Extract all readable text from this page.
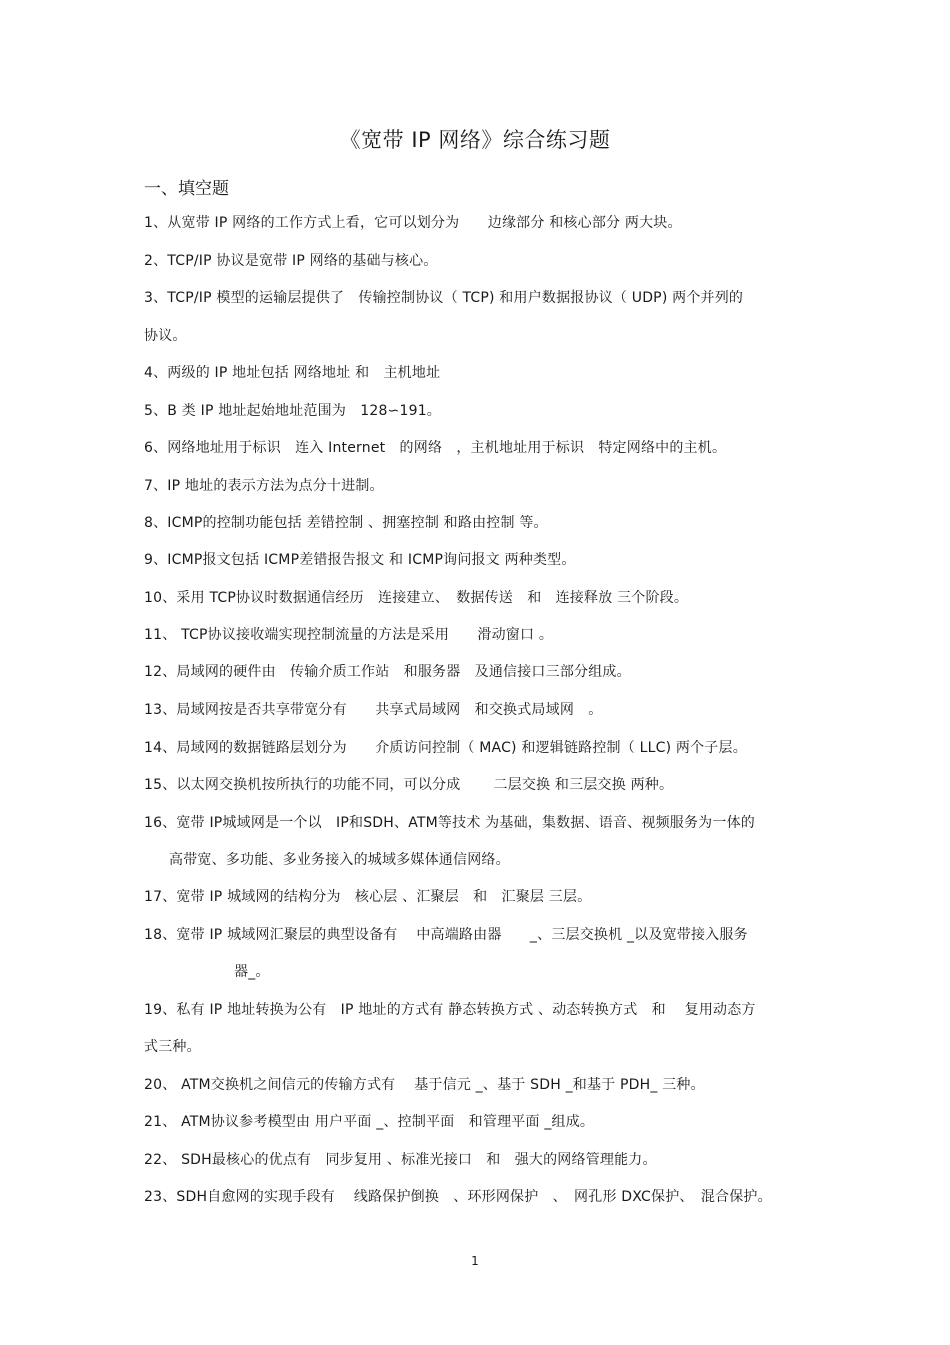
《宽带 IP 网络》综合练习题
一、填空题
1、从宽带 IP 网络的工作方式上看，它可以划分为　　边缘部分 和核心部分 两大块。
2、TCP/IP 协议是宽带 IP 网络的基础与核心。
3、TCP/IP 模型的运输层提供了　传输控制协议（ TCP) 和用户数据报协议（ UDP) 两个并列的
协议。
4、两级的 IP 地址包括 网络地址 和　主机地址
5、B 类 IP 地址起始地址范围为　128∽191。
6、网络地址用于标识　连入 Internet　的网络　，主机地址用于标识　特定网络中的主机。
7、IP 地址的表示方法为点分十进制。
8、ICMP的控制功能包括 差错控制 、拥塞控制 和路由控制 等。
9、ICMP报文包括 ICMP差错报告报文 和 ICMP询问报文 两种类型。
10、采用 TCP协议时数据通信经历　连接建立、　数据传送　和　连接释放 三个阶段。
11、 TCP协议接收端实现控制流量的方法是采用　　滑动窗口 。
12、局域网的硬件由　传输介质工作站　和服务器　及通信接口三部分组成。
13、局域网按是否共享带宽分有　　共享式局域网　和交换式局域网　。
14、局域网的数据链路层划分为　　介质访问控制（ MAC) 和逻辑链路控制（ LLC) 两个子层。
15、以太网交换机按所执行的功能不同，可以分成　　 二层交换 和三层交换 两种。
16、宽带 IP城域网是一个以　IP和SDH、ATM等技术 为基础，集数据、语音、视频服务为一体的
高带宽、多功能、多业务接入的城域多媒体通信网络。
17、宽带 IP 城域网的结构分为　核心层 、汇聚层　和　汇聚层 三层。
18、宽带 IP 城域网汇聚层的典型设备有　 中高端路由器　　_、三层交换机 _以及宽带接入服务
器_。
19、私有 IP 地址转换为公有　IP 地址的方式有 静态转换方式 、动态转换方式　和　 复用动态方
式三种。
20、 ATM交换机之间信元的传输方式有　 基于信元 _、基于 SDH _和基于 PDH_ 三种。
21、 ATM协议参考模型由 用户平面 _、控制平面　和管理平面 _组成。
22、 SDH最核心的优点有　同步复用 、标准光接口　和　强大的网络管理能力。
23、SDH自愈网的实现手段有　 线路保护倒换　、环形网保护　、　网孔形 DXC保护、　混合保护。
1
